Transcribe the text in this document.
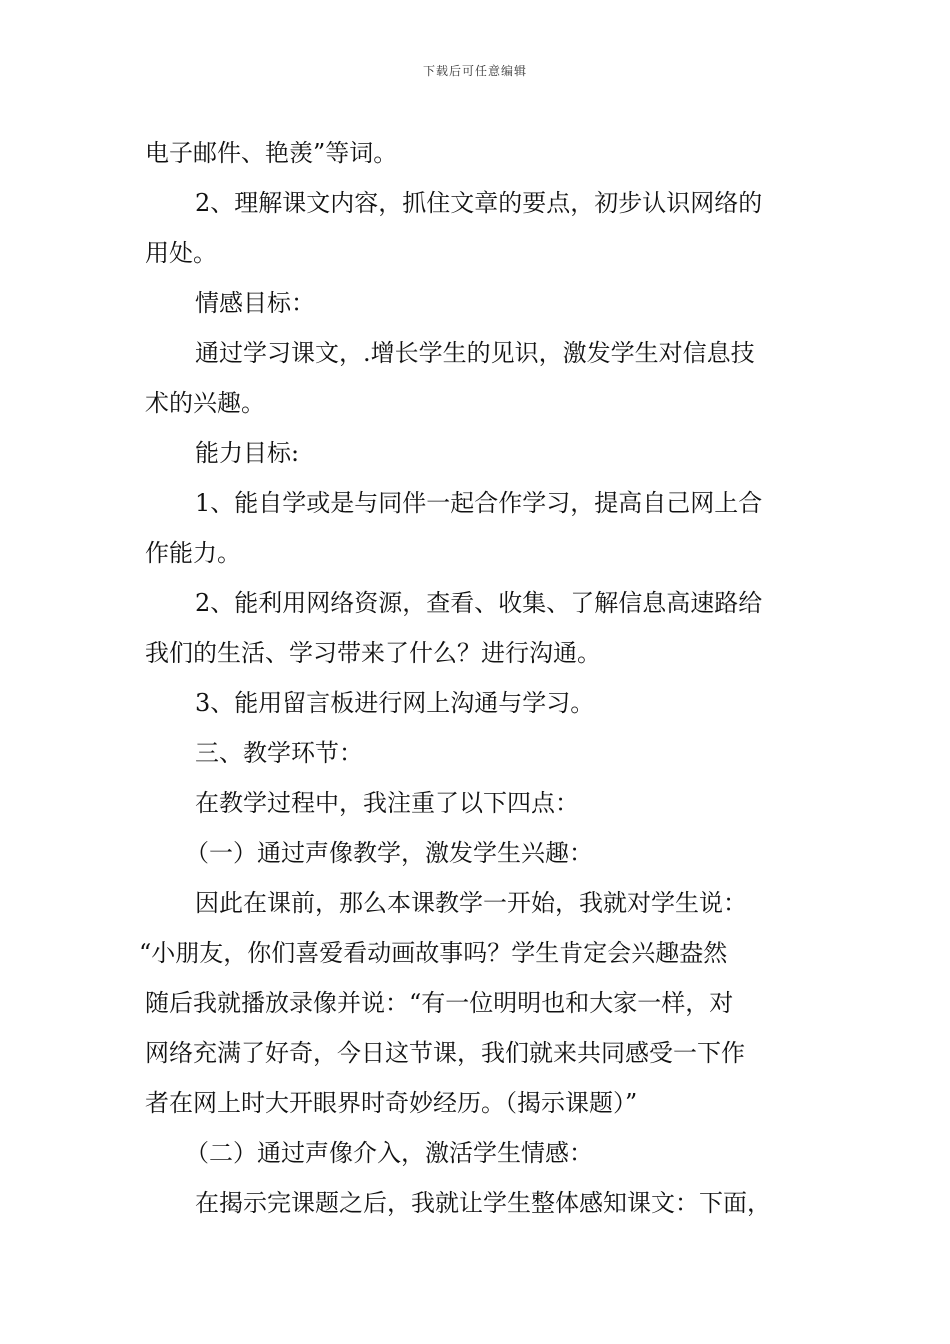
下载后可任意编辑
电子邮件、艳羡”等词。
2、理解课文内容，抓住文章的要点，初步认识网络的
用处。
情感目标：
通过学习课文，.增长学生的见识，激发学生对信息技
术的兴趣。
能力目标:
1、能自学或是与同伴一起合作学习，提高自己网上合
作能力。
2、能利用网络资源，查看、收集、了解信息高速路给
我们的生活、学习带来了什么？进行沟通。
3、能用留言板进行网上沟通与学习。
三、教学环节：
在教学过程中，我注重了以下四点：
（一）通过声像教学，激发学生兴趣：
因此在课前，那么本课教学一开始，我就对学生说：
“小朋友，你们喜爱看动画故事吗？学生肯定会兴趣盎然
随后我就播放录像并说：“有一位明明也和大家一样，对
网络充满了好奇，今日这节课，我们就来共同感受一下作
者在网上时大开眼界时奇妙经历。（揭示课题）”
（二）通过声像介入，激活学生情感：
在揭示完课题之后，我就让学生整体感知课文：下面，
